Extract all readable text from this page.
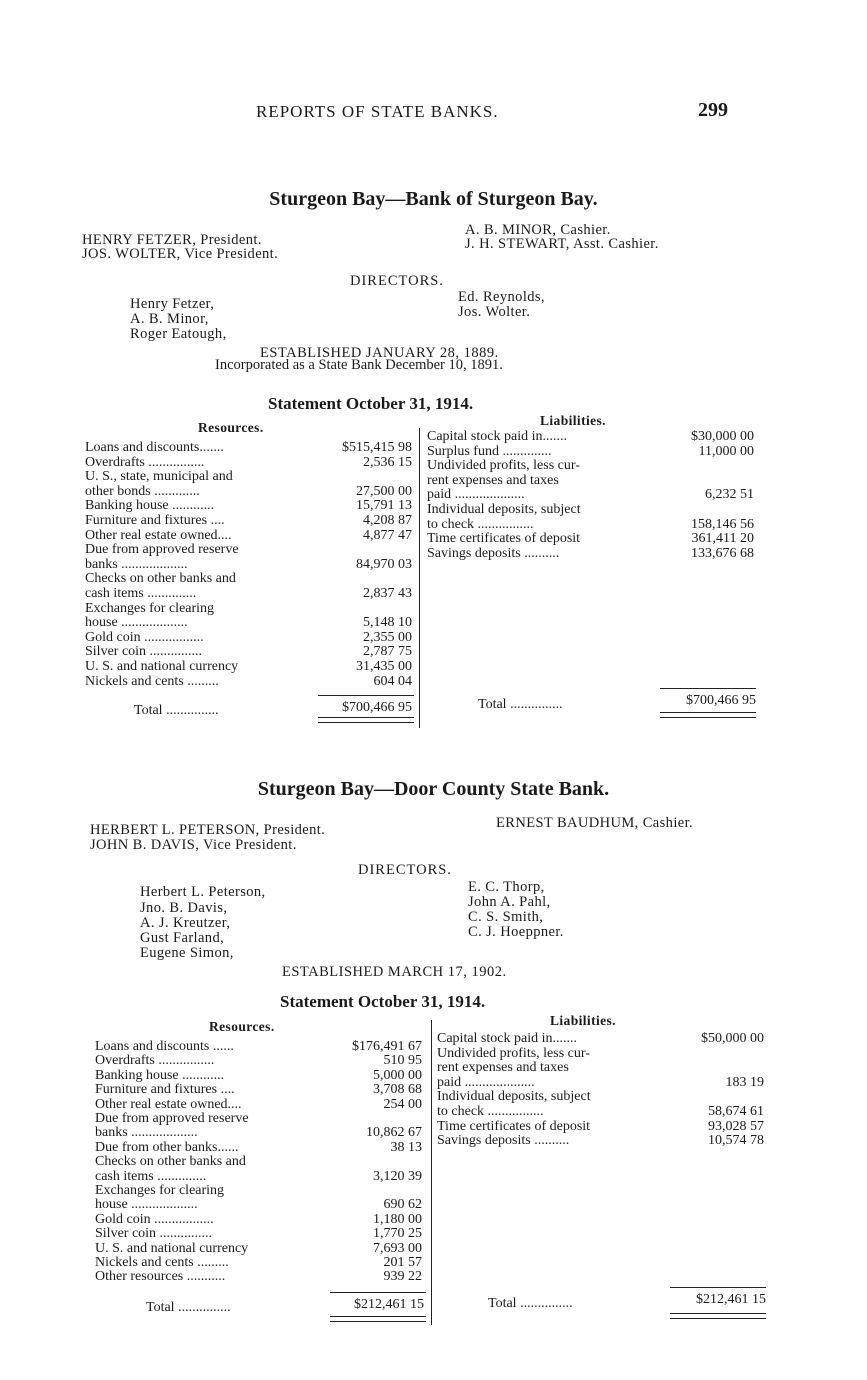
REPORTS OF STATE BANKS.	299
Sturgeon Bay—Bank of Sturgeon Bay.
HENRY FETZER, President.
JOS. WOLTER, Vice President.
A. B. MINOR, Cashier.
J. H. STEWART, Asst. Cashier.
DIRECTORS.
Henry Fetzer,
A. B. Minor,
Roger Eatough,
Ed. Reynolds,
Jos. Wolter.
ESTABLISHED JANUARY 28, 1889.
Incorporated as a State Bank December 10, 1891.
Statement October 31, 1914.
Resources.	Liabilities.
Loans and discounts.......	$515,415 98
Overdrafts ................	2,536 15
U. S., state, municipal and
other bonds .............	27,500 00
Banking house ............	15,791 13
Furniture and fixtures ....	4,208 87
Other real estate owned....	4,877 47
Due from approved reserve
banks ...................	84,970 03
Checks on other banks and
cash items ..............	2,837 43
Exchanges for clearing
house ...................	5,148 10
Gold coin .................	2,355 00
Silver coin ...............	2,787 75
U. S. and national currency	31,435 00
Nickels and cents .........	604 04
Capital stock paid in.......	$30,000 00
Surplus fund ..............	11,000 00
Undivided profits, less cur-
rent expenses and taxes
paid ....................	6,232 51
Individual deposits, subject
to check ................	158,146 56
Time certificates of deposit	361,411 20
Savings deposits ..........	133,676 68
Total ...............	$700,466 95	Total ...............	$700,466 95
Sturgeon Bay—Door County State Bank.
HERBERT L. PETERSON, President.
JOHN B. DAVIS, Vice President.
ERNEST BAUDHUM, Cashier.
DIRECTORS.
Herbert L. Peterson,
Jno. B. Davis,
A. J. Kreutzer,
Gust Farland,
Eugene Simon,
E. C. Thorp,
John A. Pahl,
C. S. Smith,
C. J. Hoeppner.
ESTABLISHED MARCH 17, 1902.
Statement October 31, 1914.
Resources.	Liabilities.
Loans and discounts ......	$176,491 67
Overdrafts ................	510 95
Banking house ............	5,000 00
Furniture and fixtures ....	3,708 68
Other real estate owned....	254 00
Due from approved reserve
banks ...................	10,862 67
Due from other banks......	38 13
Checks on other banks and
cash items ..............	3,120 39
Exchanges for clearing
house ...................	690 62
Gold coin .................	1,180 00
Silver coin ...............	1,770 25
U. S. and national currency	7,693 00
Nickels and cents .........	201 57
Other resources ...........	939 22
Capital stock paid in.......	$50,000 00
Undivided profits, less cur-
rent expenses and taxes
paid ....................	183 19
Individual deposits, subject
to check ................	58,674 61
Time certificates of deposit	93,028 57
Savings deposits ..........	10,574 78
Total ...............	$212,461 15	Total ...............	$212,461 15
